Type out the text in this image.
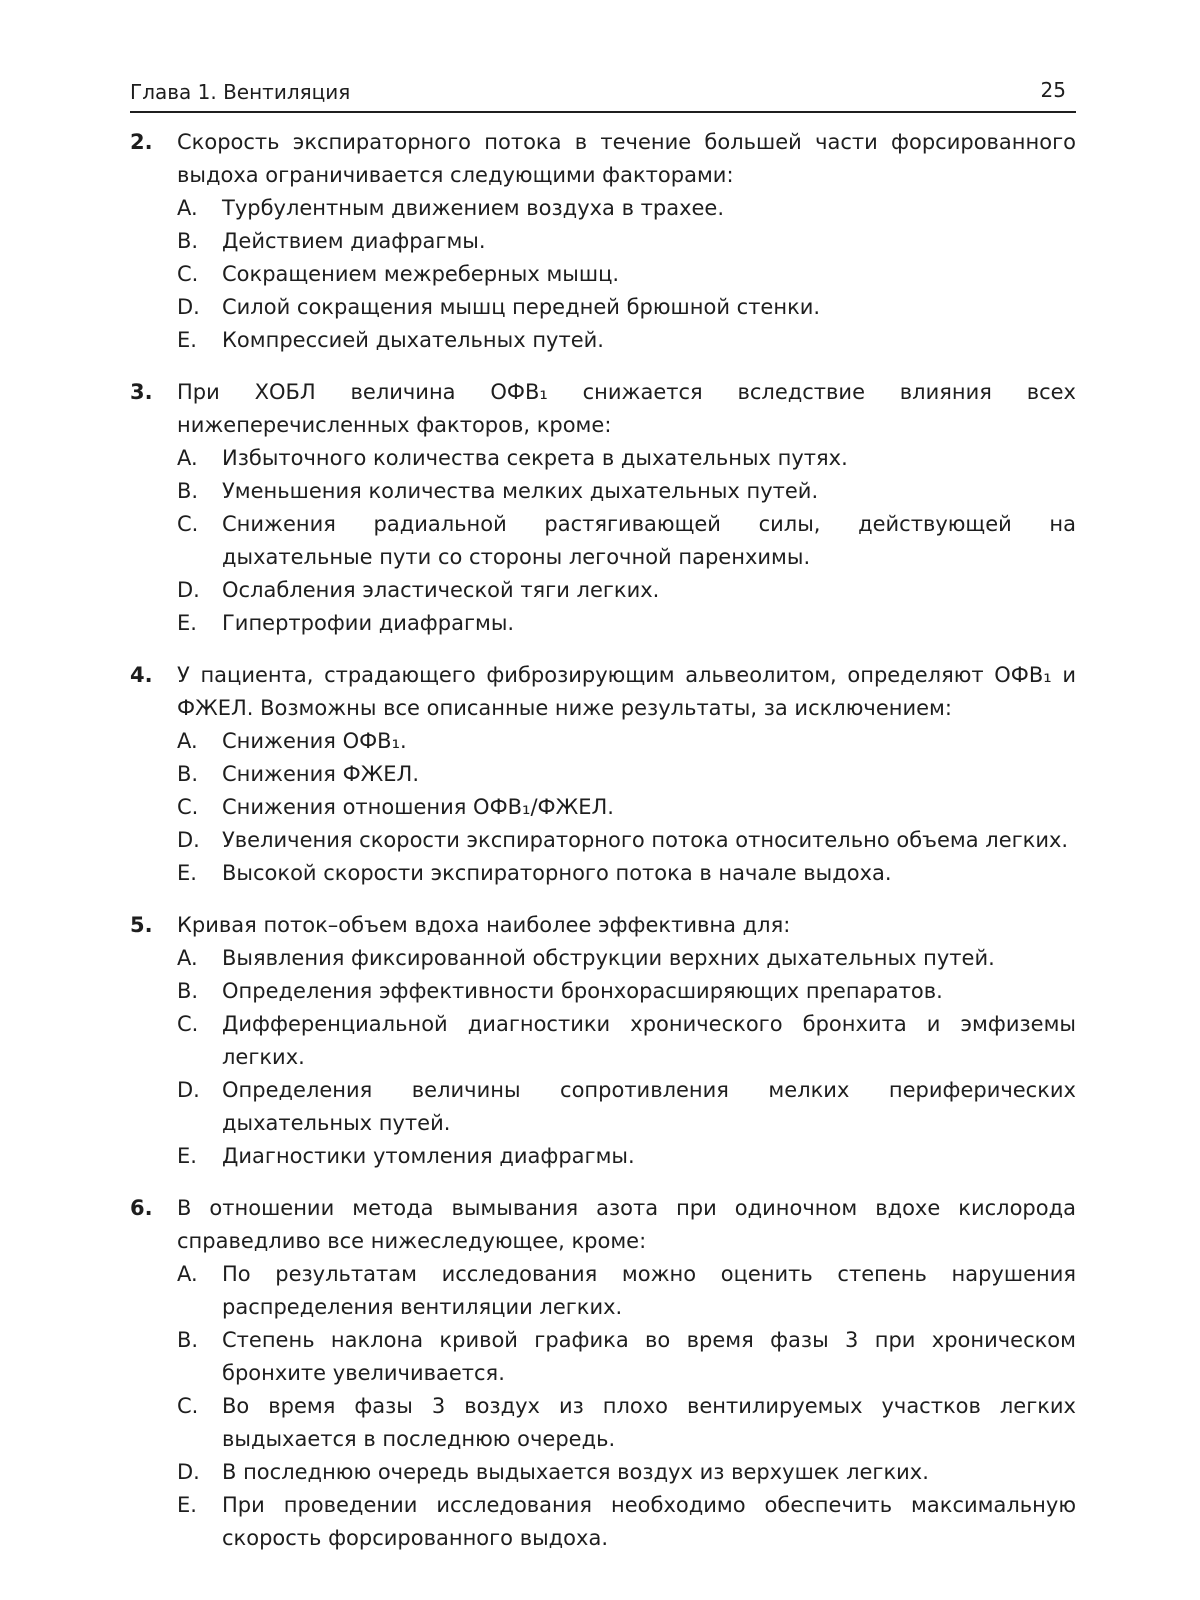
Глава 1. Вентиляция	25
2.	Скорость экспираторного потока в течение большей части форсированного выдоха ограничивается следующими факторами:
A.	Турбулентным движением воздуха в трахее.
B.	Действием диафрагмы.
C.	Сокращением межреберных мышц.
D.	Силой сокращения мышц передней брюшной стенки.
E.	Компрессией дыхательных путей.
3.	При ХОБЛ величина ОФВ₁ снижается вследствие влияния всех нижеперечисленных факторов, кроме:
A.	Избыточного количества секрета в дыхательных путях.
B.	Уменьшения количества мелких дыхательных путей.
C.	Снижения радиальной растягивающей силы, действующей на дыхательные пути со стороны легочной паренхимы.
D.	Ослабления эластической тяги легких.
E.	Гипертрофии диафрагмы.
4.	У пациента, страдающего фиброзирующим альвеолитом, определяют ОФВ₁ и ФЖЕЛ. Возможны все описанные ниже результаты, за исключением:
A.	Снижения ОФВ₁.
B.	Снижения ФЖЕЛ.
C.	Снижения отношения ОФВ₁/ФЖЕЛ.
D.	Увеличения скорости экспираторного потока относительно объема легких.
E.	Высокой скорости экспираторного потока в начале выдоха.
5.	Кривая поток–объем вдоха наиболее эффективна для:
A.	Выявления фиксированной обструкции верхних дыхательных путей.
B.	Определения эффективности бронхорасширяющих препаратов.
C.	Дифференциальной диагностики хронического бронхита и эмфиземы легких.
D.	Определения величины сопротивления мелких периферических дыхательных путей.
E.	Диагностики утомления диафрагмы.
6.	В отношении метода вымывания азота при одиночном вдохе кислорода справедливо все нижеследующее, кроме:
A.	По результатам исследования можно оценить степень нарушения распределения вентиляции легких.
B.	Степень наклона кривой графика во время фазы 3 при хроническом бронхите увеличивается.
C.	Во время фазы 3 воздух из плохо вентилируемых участков легких выдыхается в последнюю очередь.
D.	В последнюю очередь выдыхается воздух из верхушек легких.
E.	При проведении исследования необходимо обеспечить максимальную скорость форсированного выдоха.
